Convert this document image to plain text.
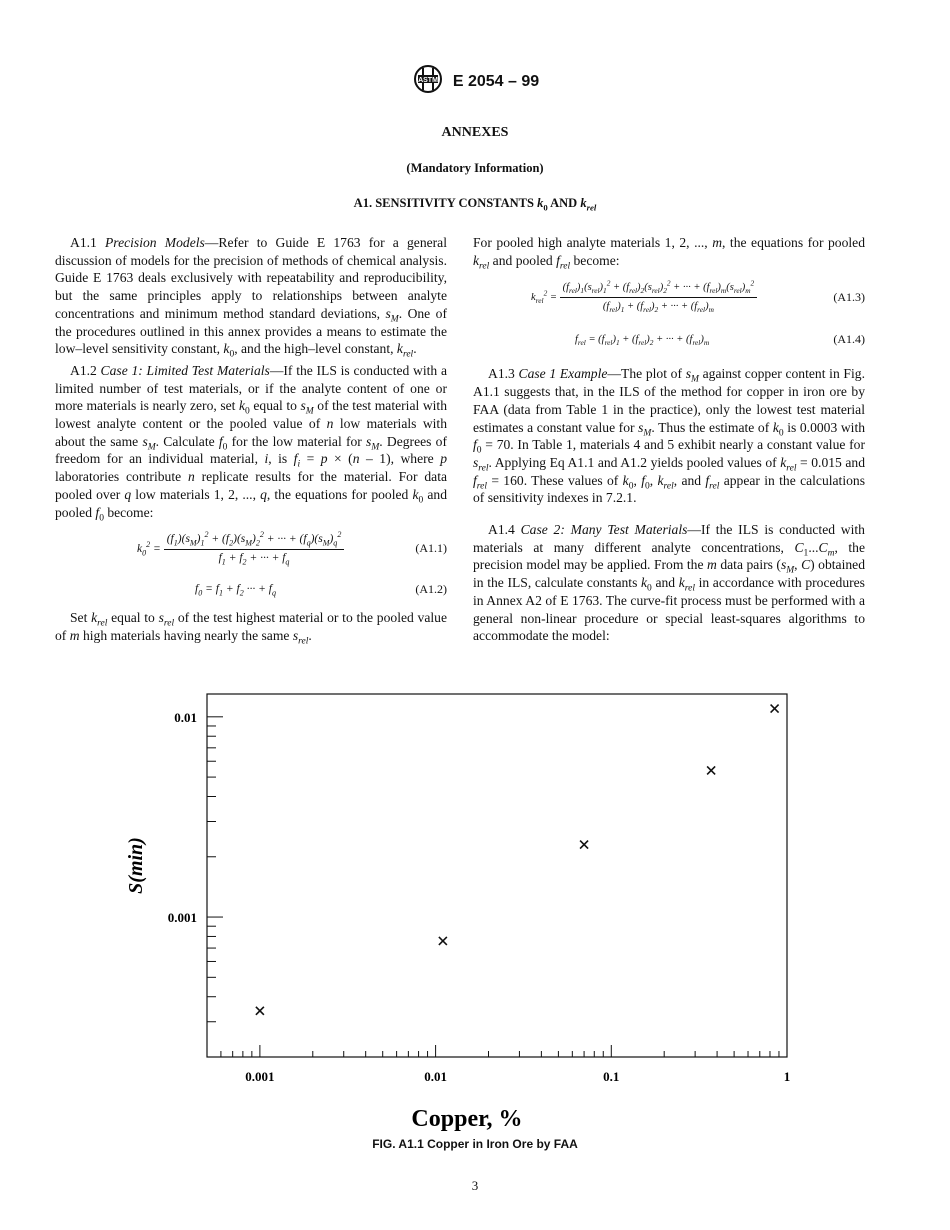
ASTM E 2054 – 99
ANNEXES
(Mandatory Information)
A1. SENSITIVITY CONSTANTS $k_0$ AND $k_{rel}$

A1.1 Precision Models—Refer to Guide E 1763 for a general discussion of models for the precision of methods of chemical analysis. Guide E 1763 deals exclusively with repeatability and reproducibility, but the same principles apply to relationships between analyte concentrations and minimum method standard deviations, $s_M$. One of the procedures outlined in this annex provides a means to estimate the low–level sensitivity constant, $k_0$, and the high–level constant, $k_{rel}$.

A1.2 Case 1: Limited Test Materials—If the ILS is conducted with a limited number of test materials, or if the analyte content of one or more materials is nearly zero, set $k_0$ equal to $s_M$ of the test material with lowest analyte content or the pooled value of n low materials with about the same $s_M$. Calculate $f_0$ for the low material for $s_M$. Degrees of freedom for an individual material, i, is $f_i = p \times (n - 1)$, where p laboratories contribute n replicate results for the material. For data pooled over q low materials 1, 2, ..., q, the equations for pooled $k_0$ and pooled $f_0$ become:

$k_0^2 = \frac{(f_1)(s_M)_1^2 + (f_2)(s_M)_2^2 + \cdot\cdot\cdot + (f_q)(s_M)_q^2}{f_1 + f_2 + \cdot\cdot\cdot + f_q}$	(A1.1)
$f_0 = f_1 + f_2$ ··· + $f_q$	(A1.2)

Set $k_{rel}$ equal to $s_{rel}$ of the test highest material or to the pooled value of m high materials having nearly the same $s_{rel}$.

For pooled high analyte materials 1, 2, ..., m, the equations for pooled $k_{rel}$ and pooled $f_{rel}$ become:

$k_{rel}^2 = \frac{(f_{rel})_1(s_{rel})_1^2 + (f_{rel})_2(s_{rel})_2^2 + \cdot\cdot\cdot + (f_{rel})_m(s_{rel})_m^2}{(f_{rel})_1 + (f_{rel})_2 + \cdot\cdot\cdot + (f_{rel})_m}$	(A1.3)
$f_{rel} = (f_{rel})_1 + (f_{rel})_2$ + ··· + $(f_{rel})_m$	(A1.4)

A1.3 Case 1 Example—The plot of $s_M$ against copper content in Fig. A1.1 suggests that, in the ILS of the method for copper in iron ore by FAA (data from Table 1 in the practice), only the lowest test material estimates a constant value for $s_M$. Thus the estimate of $k_0$ is 0.0003 with $f_0 = 70$. In Table 1, materials 4 and 5 exhibit nearly a constant value for $s_{rel}$. Applying Eq A1.1 and A1.2 yields pooled values of $k_{rel} = 0.015$ and $f_{rel} = 160$. These values of $k_0$, $f_0$, $k_{rel}$, and $f_{rel}$ appear in the calculations of sensitivity indexes in 7.2.1.

A1.4 Case 2: Many Test Materials—If the ILS is conducted with materials at many different analyte concentrations, $C_1...C_m$, the precision model may be applied. From the m data pairs ($s_M$, C) obtained in the ILS, calculate constants $k_0$ and $k_{rel}$ in accordance with procedures in Annex A2 of E 1763. The curve-fit process must be performed with a general non-linear procedure or special least-squares algorithms to accommodate the model:

0.001	0.01	0.1	1
0.001
0.01
S(min)
Copper, %
FIG. A1.1 Copper in Iron Ore by FAA
3
